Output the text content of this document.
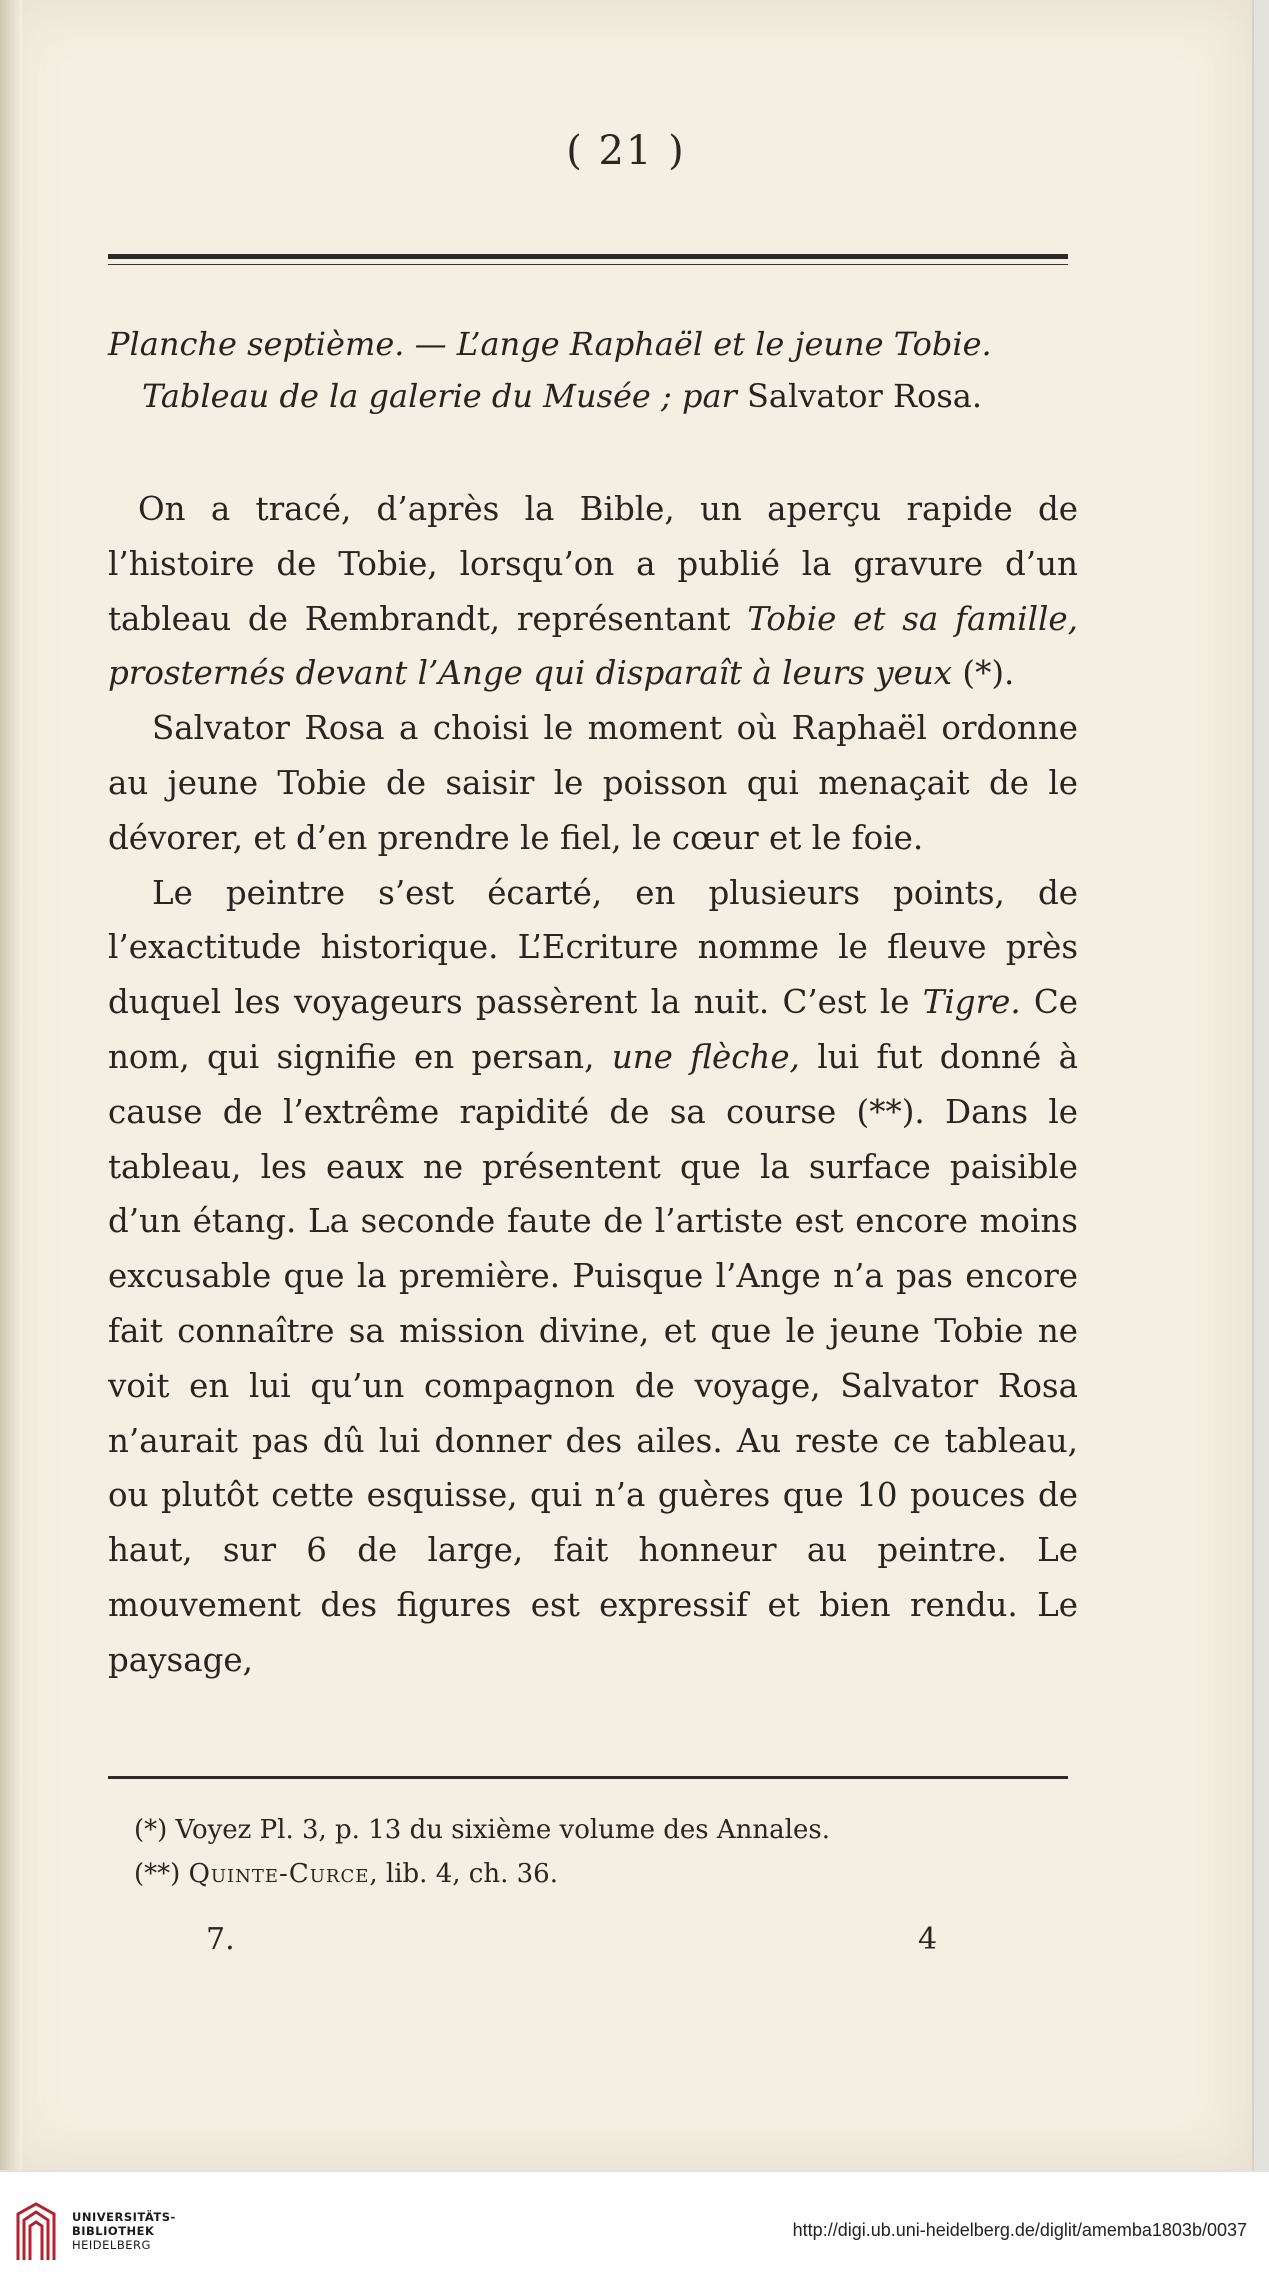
( 21 )
Planche septième. — L’ange Raphaël et le jeune Tobie.
Tableau de la galerie du Musée ; par Salvator Rosa.

On a tracé, d’après la Bible, un aperçu rapide de l’histoire de Tobie, lorsqu’on a publié la gravure d’un tableau de Rembrandt, représentant Tobie et sa famille, prosternés devant l’Ange qui disparaît à leurs yeux (*).

Salvator Rosa a choisi le moment où Raphaël ordonne au jeune Tobie de saisir le poisson qui menaçait de le dévorer, et d’en prendre le fiel, le cœur et le foie.

Le peintre s’est écarté, en plusieurs points, de l’exactitude historique. L’Ecriture nomme le fleuve près duquel les voyageurs passèrent la nuit. C’est le Tigre. Ce nom, qui signifie en persan, une flèche, lui fut donné à cause de l’extrême rapidité de sa course (**). Dans le tableau, les eaux ne présentent que la surface paisible d’un étang. La seconde faute de l’artiste est encore moins excusable que la première. Puisque l’Ange n’a pas encore fait connaître sa mission divine, et que le jeune Tobie ne voit en lui qu’un compagnon de voyage, Salvator Rosa n’aurait pas dû lui donner des ailes. Au reste ce tableau, ou plutôt cette esquisse, qui n’a guères que 10 pouces de haut, sur 6 de large, fait honneur au peintre. Le mouvement des figures est expressif et bien rendu. Le paysage,

(*) Voyez Pl. 3, p. 13 du sixième volume des Annales.
(**) Quinte-Curce, lib. 4, ch. 36.
7.	4
UNIVERSITÄTS-
BIBLIOTHEK
HEIDELBERG
http://digi.ub.uni-heidelberg.de/diglit/amemba1803b/0037
